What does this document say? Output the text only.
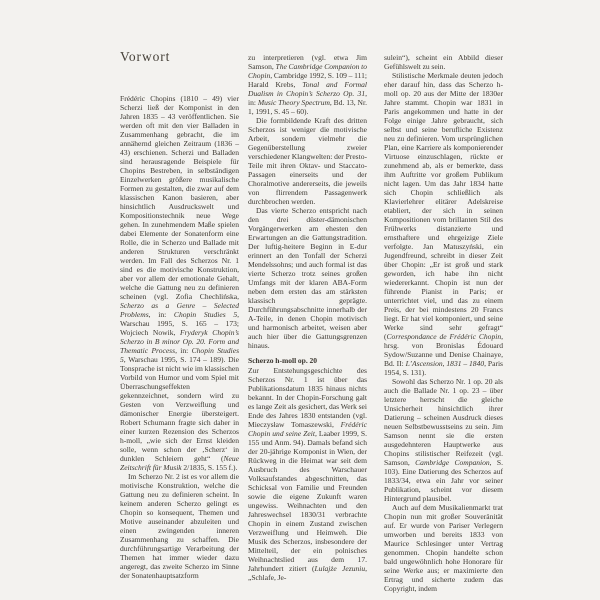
Vorwort

Frédéric Chopins (1810 – 49) vier Scherzi ließ der Komponist in den Jahren 1835 – 43 veröffentlichen. Sie werden oft mit den vier Balladen in Zusammenhang gebracht, die im annähernd gleichen Zeitraum (1836 – 43) erschienen. Scherzi und Balladen sind herausragende Beispiele für Chopins Bestreben, in selbständigen Einzelwerken größere musikalische Formen zu gestalten, die zwar auf dem klassischen Kanon basieren, aber hinsichtlich Ausdruckswelt und Kompositionstechnik neue Wege gehen. In zunehmendem Maße spielen dabei Elemente der Sonatenform eine Rolle, die in Scherzo und Ballade mit anderen Strukturen verschränkt werden. Im Fall des Scherzos Nr. 1 sind es die motivische Konstruktion, aber vor allem der emotionale Gehalt, welche die Gattung neu zu definieren scheinen (vgl. Zofia Chechlińska, Scherzo as a Genre – Selected Problems, in: Chopin Studies 5, Warschau 1995, S. 165 – 173; Wojciech Nowik, Fryderyk Chopin’s Scherzo in B minor Op. 20. Form and Thematic Process, in: Chopin Studies 5, Warschau 1995, S. 174 – 189). Die Tonsprache ist nicht wie im klassischen Vorbild von Humor und vom Spiel mit Überraschungseffekten gekennzeichnet, sondern wird zu Gesten von Verzweiflung und dämonischer Energie übersteigert. Robert Schumann fragte sich daher in einer kurzen Rezension des Scherzos h-moll, „wie sich der Ernst kleiden solle, wenn schon der ‚Scherz‘ in dunklen Schleiern geht“ (Neue Zeitschrift für Musik 2/1835, S. 155 f.).

Im Scherzo Nr. 2 ist es vor allem die motivische Konstruktion, welche die Gattung neu zu definieren scheint. In keinem anderen Scherzo gelingt es Chopin so konsequent, Themen und Motive auseinander abzuleiten und einen zwingenden inneren Zusammenhang zu schaffen. Die durchführungsartige Verarbeitung der Themen hat immer wieder dazu angeregt, das zweite Scherzo im Sinne der Sonatenhauptsatzform

zu interpretieren (vgl. etwa Jim Samson, The Cambridge Companion to Chopin, Cambridge 1992, S. 109 – 111; Harald Krebs, Tonal and Formal Dualism in Chopin’s Scherzo Op. 31, in: Music Theory Spectrum, Bd. 13, Nr. 1, 1991, S. 45 – 60).

Die formbildende Kraft des dritten Scherzos ist weniger die motivische Arbeit, sondern vielmehr die Gegenüberstellung zweier verschiedener Klangwelten: der Presto-Teile mit ihren Oktav- und Staccato-Passagen einerseits und der Choralmotive andererseits, die jeweils von flirrendem Passagenwerk durchbrochen werden.

Das vierte Scherzo entspricht nach den drei düster-dämonischen Vorgängerwerken am ehesten den Erwartungen an die Gattungstradition. Der luftig-heitere Beginn in E-dur erinnert an den Tonfall der Scherzi Mendelssohns; und auch formal ist das vierte Scherzo trotz seines großen Umfangs mit der klaren ABA-Form neben dem ersten das am stärksten klassisch geprägte. Durchführungsabschnitte innerhalb der A-Teile, in denen Chopin motivisch und harmonisch arbeitet, weisen aber auch hier über die Gattungsgrenzen hinaus.

Scherzo h-moll op. 20

Zur Entstehungsgeschichte des Scherzos Nr. 1 ist über das Publikationsdatum 1835 hinaus nichts bekannt. In der Chopin-Forschung galt es lange Zeit als gesichert, das Werk sei Ende des Jahres 1830 entstanden (vgl. Mieczysław Tomaszewski, Frédéric Chopin und seine Zeit, Laaber 1999, S. 155 und Anm. 94). Damals befand sich der 20-jährige Komponist in Wien, der Rückweg in die Heimat war seit dem Ausbruch des Warschauer Volksaufstandes abgeschnitten, das Schicksal von Familie und Freunden sowie die eigene Zukunft waren ungewiss. Weihnachten und den Jahreswechsel 1830/31 verbrachte Chopin in einem Zustand zwischen Verzweiflung und Heimweh. Die Musik des Scherzos, insbesondere der Mittelteil, der ein polnisches Weihnachtslied aus dem 17. Jahrhundert zitiert (Lulajże Jezuniu, „Schlafe, Je-

sulein“), scheint ein Abbild dieser Gefühlswelt zu sein.

Stilistische Merkmale deuten jedoch eher darauf hin, dass das Scherzo h-moll op. 20 aus der Mitte der 1830er Jahre stammt. Chopin war 1831 in Paris angekommen und hatte in der Folge einige Jahre gebraucht, sich selbst und seine berufliche Existenz neu zu definieren. Vom ursprünglichen Plan, eine Karriere als komponierender Virtuose einzuschlagen, rückte er zunehmend ab, als er bemerkte, dass ihm Auftritte vor großem Publikum nicht lagen. Um das Jahr 1834 hatte sich Chopin schließlich als Klavierlehrer elitärer Adelskreise etabliert, der sich in seinen Kompositionen vom brillanten Stil des Frühwerks distanzierte und ernsthaftere und ehrgeizige Ziele verfolgte. Jan Matuszyński, ein Jugendfreund, schreibt in dieser Zeit über Chopin: „Er ist groß und stark geworden, ich habe ihn nicht wiedererkannt. Chopin ist nun der führende Pianist in Paris; er unterrichtet viel, und das zu einem Preis, der bei mindestens 20 Francs liegt. Er hat viel komponiert, und seine Werke sind sehr gefragt“ (Correspondance de Frédéric Chopin, hrsg. von Bronislas Édouard Sydow/Suzanne und Denise Chainaye, Bd. II: L’Ascension, 1831 – 1840, Paris 1954, S. 131).

Sowohl das Scherzo Nr. 1 op. 20 als auch die Ballade Nr. 1 op. 23 – über letztere herrscht die gleiche Unsicherheit hinsichtlich ihrer Datierung – scheinen Ausdruck dieses neuen Selbstbewusstseins zu sein. Jim Samson nennt sie die ersten ausgedehnteren Hauptwerke aus Chopins stilistischer Reifezeit (vgl. Samson, Cambridge Companion, S. 103). Eine Datierung des Scherzos auf 1833/34, etwa ein Jahr vor seiner Publikation, scheint vor diesem Hintergrund plausibel.

Auch auf dem Musikalienmarkt trat Chopin nun mit großer Souveränität auf. Er wurde von Pariser Verlegern umworben und bereits 1833 von Maurice Schlesinger unter Vertrag genommen. Chopin handelte schon bald ungewöhnlich hohe Honorare für seine Werke aus; er maximierte den Ertrag und sicherte zudem das Copyright, indem
